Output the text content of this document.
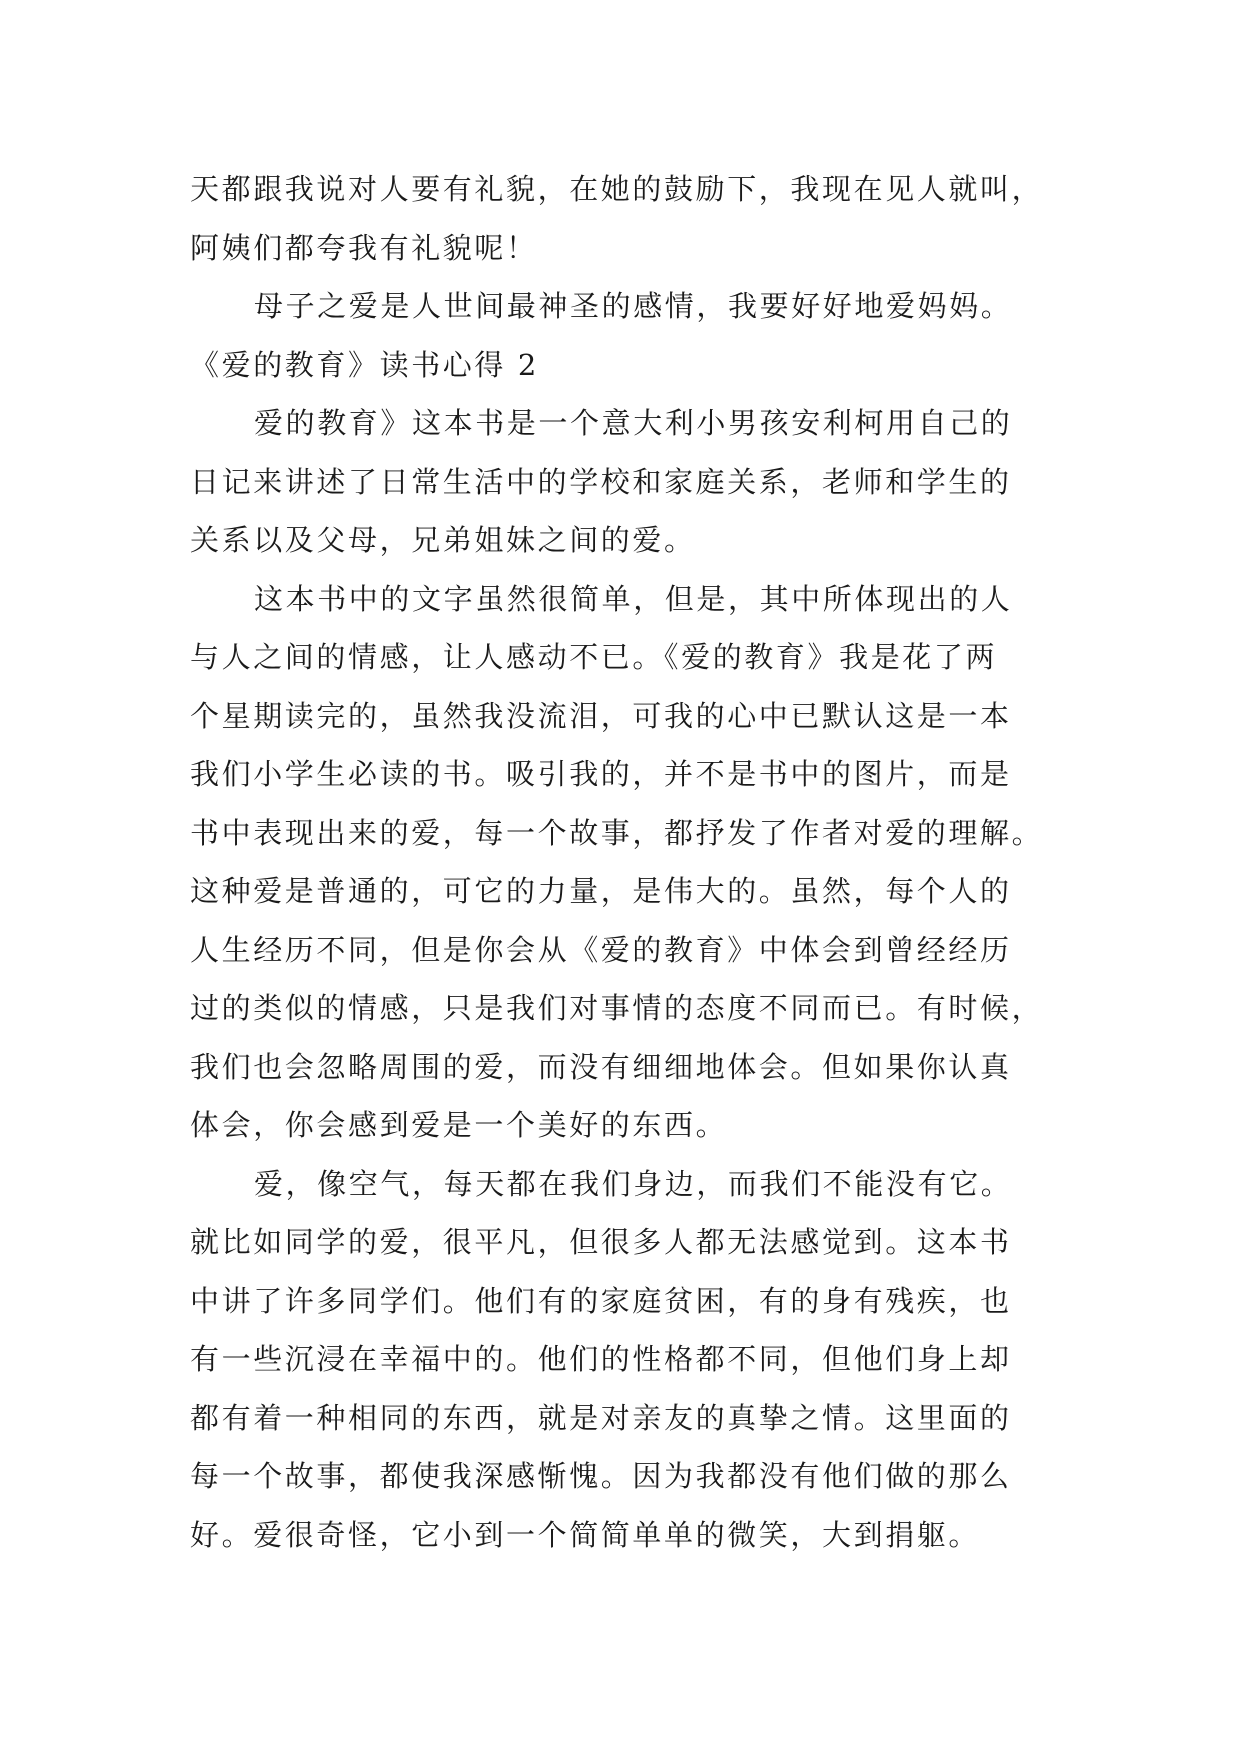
天都跟我说对人要有礼貌，在她的鼓励下，我现在见人就叫，
阿姨们都夸我有礼貌呢！

母子之爱是人世间最神圣的感情，我要好好地爱妈妈。

《爱的教育》读书心得 2

爱的教育》这本书是一个意大利小男孩安利柯用自己的
日记来讲述了日常生活中的学校和家庭关系，老师和学生的
关系以及父母，兄弟姐妹之间的爱。

这本书中的文字虽然很简单，但是，其中所体现出的人
与人之间的情感，让人感动不已。《爱的教育》我是花了两
个星期读完的，虽然我没流泪，可我的心中已默认这是一本
我们小学生必读的书。吸引我的，并不是书中的图片，而是
书中表现出来的爱，每一个故事，都抒发了作者对爱的理解。
这种爱是普通的，可它的力量，是伟大的。虽然，每个人的
人生经历不同，但是你会从《爱的教育》中体会到曾经经历
过的类似的情感，只是我们对事情的态度不同而已。有时候，
我们也会忽略周围的爱，而没有细细地体会。但如果你认真
体会，你会感到爱是一个美好的东西。

爱，像空气，每天都在我们身边，而我们不能没有它。
就比如同学的爱，很平凡，但很多人都无法感觉到。这本书
中讲了许多同学们。他们有的家庭贫困，有的身有残疾，也
有一些沉浸在幸福中的。他们的性格都不同，但他们身上却
都有着一种相同的东西，就是对亲友的真挚之情。这里面的
每一个故事，都使我深感惭愧。因为我都没有他们做的那么
好。爱很奇怪，它小到一个简简单单的微笑，大到捐躯。
